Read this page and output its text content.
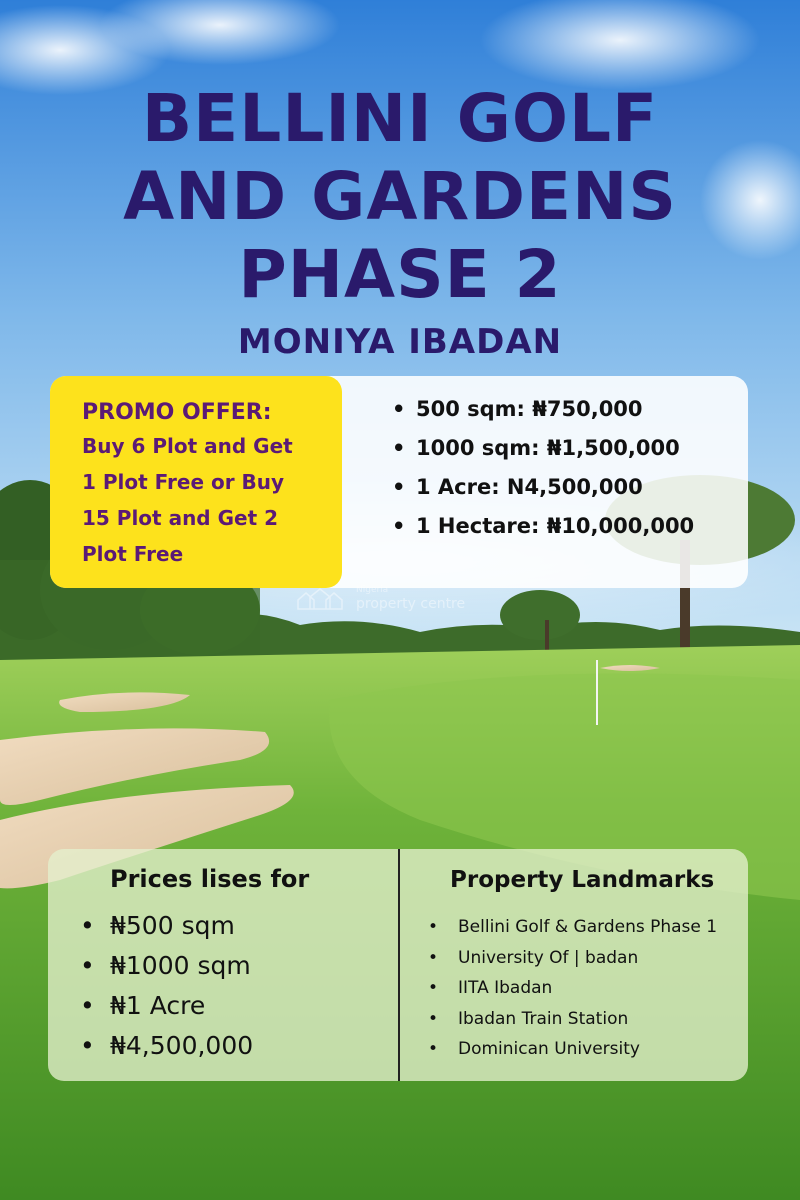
BELLINI GOLF
AND GARDENS
PHASE 2
MONIYA IBADAN
PROMO OFFER:
Buy 6 Plot and Get
1 Plot Free or Buy
15 Plot and Get 2
Plot Free
• 500 sqm: ₦750,000
• 1000 sqm: ₦1,500,000
• 1 Acre: N4,500,000
• 1 Hectare: ₦10,000,000
Nigeria
property centre
Prices lises for
• ₦500 sqm
• ₦1000 sqm
• ₦1 Acre
• ₦4,500,000
Property Landmarks
• Bellini Golf & Gardens Phase 1
• University Of | badan
• IITA Ibadan
• Ibadan Train Station
• Dominican University
